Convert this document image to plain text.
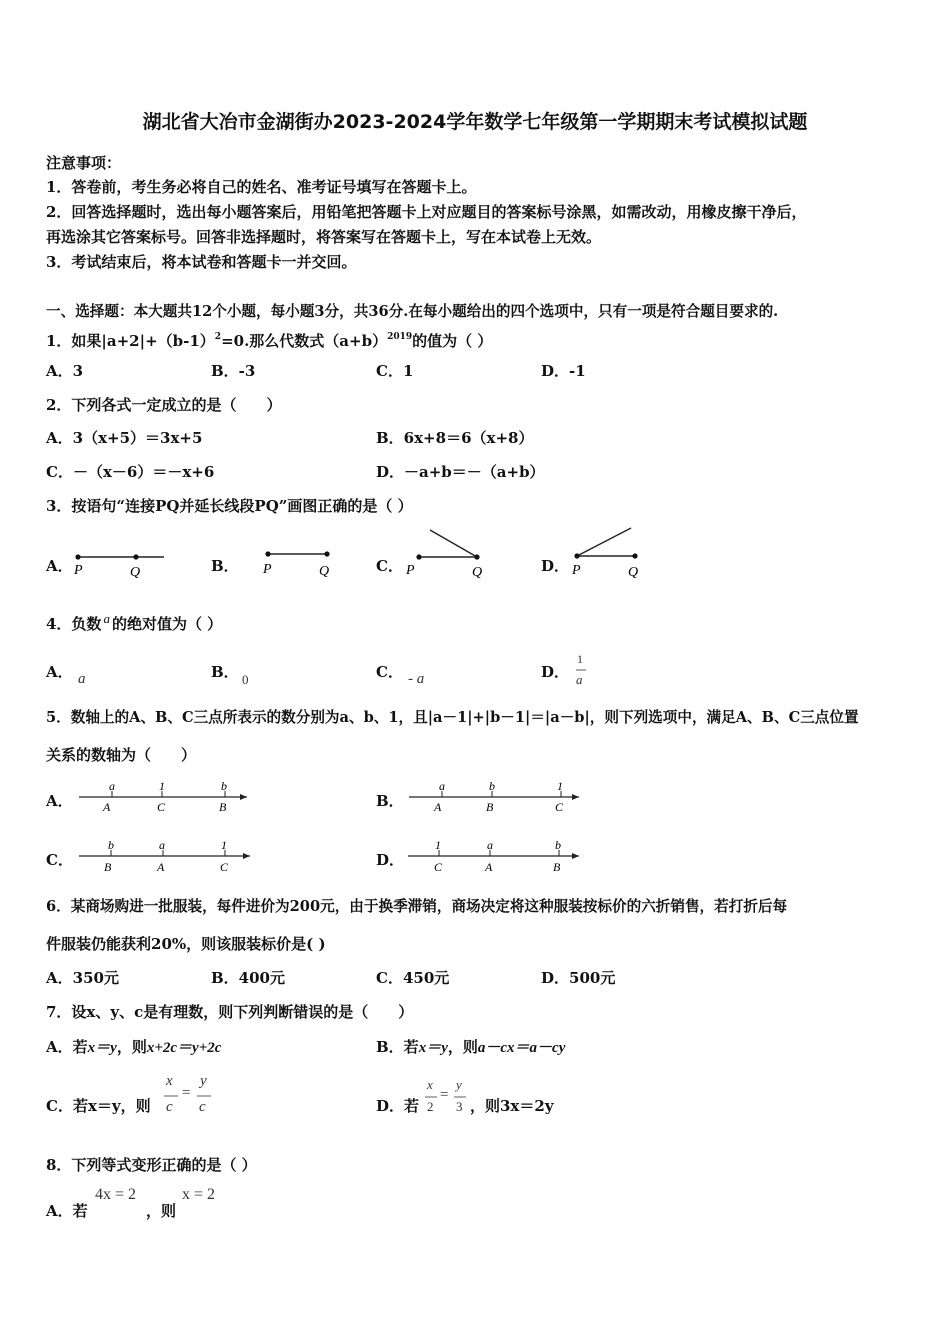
湖北省大冶市金湖街办2023-2024学年数学七年级第一学期期末考试模拟试题
注意事项：
1．答卷前，考生务必将自己的姓名、准考证号填写在答题卡上。
2．回答选择题时，选出每小题答案后，用铅笔把答题卡上对应题目的答案标号涂黑，如需改动，用橡皮擦干净后，
再选涂其它答案标号。回答非选择题时，将答案写在答题卡上，写在本试卷上无效。
3．考试结束后，将本试卷和答题卡一并交回。
一、选择题：本大题共12个小题，每小题3分，共36分.在每小题给出的四个选项中，只有一项是符合题目要求的.
1．如果$|a+2|+(b-1)^2=0$.那么代数式$(a+b)^{2019}$的值为（ ）
A．3	B．-3	C．1	D．-1
2．下列各式一定成立的是（　　）
A．3（x+5）＝3x+5	B．6x+8＝6（x+8）
C．－（x－6）＝－x+6	D．－a+b＝－（a+b）
3．按语句“连接PQ并延长线段PQ”画图正确的是（ ）
A．	B．	C．	D．
P	Q	P	Q	P	Q	P	Q
a	1	b
A	C	B
a	b	1
A	B	C
b	a	1
B	A	C
1	a	b
C	A	B
4．负数 a 的绝对值为（ ）
A． a	B． 0	C． - a	D．
1
a
5．数轴上的A、B、C三点所表示的数分别为a、b、1，且|a－1|+|b－1|＝|a－b|，则下列选项中，满足A、B、C三点位置
关系的数轴为（　　）
A．	B．
C．	D．
6．某商场购进一批服装，每件进价为200元，由于换季滞销，商场决定将这种服装按标价的六折销售，若打折后每
件服装仍能获利20%，则该服装标价是( )
A．350元	B．400元	C．450元	D．500元
7．设x、y、c是有理数，则下列判断错误的是（　　）
A．若x＝y，则x+2c＝y+2c	B．若x＝y，则a－cx＝a－cy
C．若x＝y，则
x
c
=
y
c	D．若
x
2
=
y
3 ，则3x＝2y
8．下列等式变形正确的是（ ）
A．若
4x = 2
，则
x = 2
